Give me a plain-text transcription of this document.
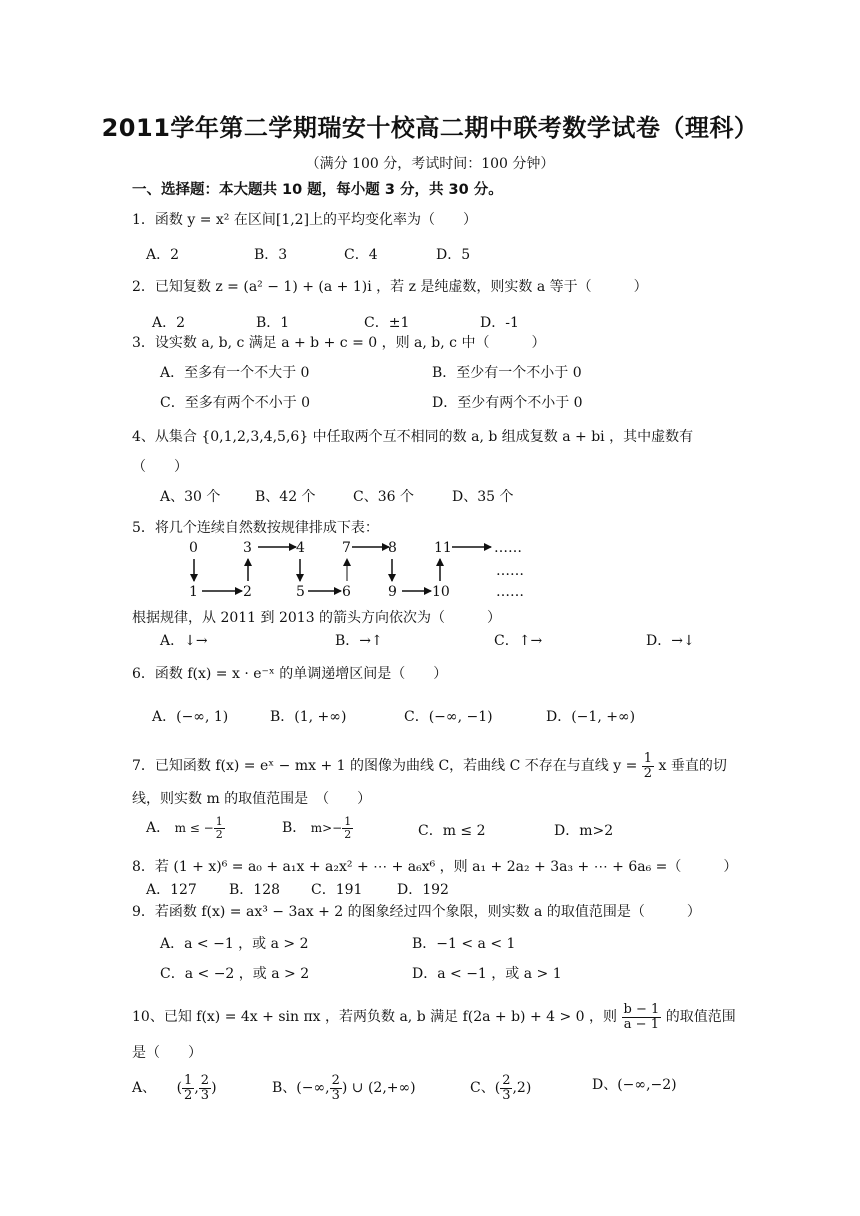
2011学年第二学期瑞安十校高二期中联考数学试卷（理科）
（满分 100 分，考试时间：100 分钟）
一、选择题：本大题共 10 题，每小题 3 分，共 30 分。
1．函数 y = x² 在区间[1,2]上的平均变化率为（　　）
A．2	B．3	C．4	D．5
2．已知复数 z = (a² − 1) + (a + 1)i ，若 z 是纯虚数，则实数 a 等于（　　　）
A．2	B．1	C．±1	D．-1
3．设实数 a, b, c 满足 a + b + c = 0 ，则 a, b, c 中（　　　）
A．至多有一个不大于 0	B．至少有一个不小于 0
C．至多有两个不小于 0	D．至少有两个不小于 0
4、从集合 {0,1,2,3,4,5,6} 中任取两个互不相同的数 a, b 组成复数 a + bi ，其中虚数有
（　　）
A、30 个 B、42 个	C、36 个	D、35 个
5．将几个连续自然数按规律排成下表：
0	3	4	7	8	11	……
……
1	2	5	6	9	10	……
根据规律，从 2011 到 2013 的箭头方向依次为（　　　）
A．↓→	B．→↑	C．↑→	D．→↓
6．函数 f(x) = x · e⁻ˣ 的单调递增区间是（　　）
A．(−∞, 1)	B．(1, +∞)	C．(−∞, −1)	D．(−1, +∞)
7．已知函数 f(x) = eˣ − mx + 1 的图像为曲线 C，若曲线 C 不存在与直线 $y = \frac{1}{2}$ x 垂直的切
线，则实数 m 的取值范围是　（　　）
A． m ≤ − $\frac{1}{2}$	B． $m>- \frac{1}{2}$	C．m ≤ 2	D．m>2
8．若 (1 + x)⁶ = a₀ + a₁x + a₂x² + ⋯ + a₆x⁶ ，则 a₁ + 2a₂ + 3a₃ + ⋯ + 6a₆ =（　　　）
A．127 B．128 C．191 D．192
9．若函数 f(x) = ax³ − 3ax + 2 的图象经过四个象限，则实数 a 的取值范围是（　　　）
A．a < −1 ，或 a > 2	B．−1 < a < 1
C．a < −2 ，或 a > 2	D．a < −1 ，或 a > 1
10、已知 f(x) = 4x + sin πx ，若两负数 a, b 满足 f(2a + b) + 4 > 0 ，则 $\frac{b - 1}{a - 1}$ 的取值范围
是（　　）
A、 ( $\frac{1}{2}$ , $\frac{2}{3}$ )	B、(−∞, $\frac{2}{3}$ ) ∪ (2,+∞)	C、( $\frac{2}{3} ,2$)	D、(−∞,−2)
